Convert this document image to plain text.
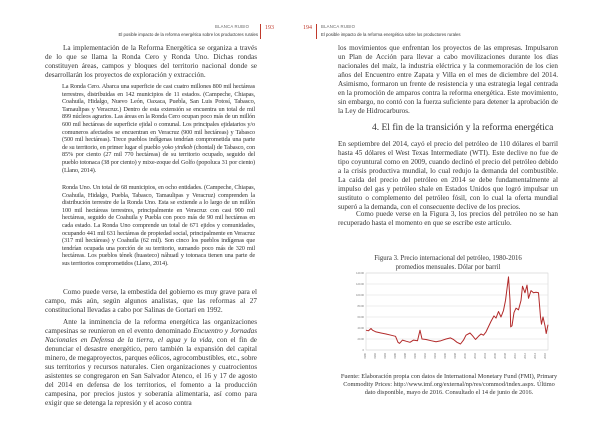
BLANCA RUBIO
El posible impacto de la reforma energética sobre los productores rurales
193

La implementación de la Reforma Energética se organiza a través de lo que se llama la Ronda Cero y Ronda Uno. Dichas rondas constituyen áreas, campos y bloques del territorio nacional donde se desarrollarán los proyectos de exploración y extracción.

La Ronda Cero. Abarca una superficie de casi cuatro millones 800 mil hectáreas terrestres, distribuidas en 142 municipios de 11 estados. (Campeche, Chiapas, Coahuila, Hidalgo, Nuevo León, Oaxaca, Puebla, San Luis Potosí, Tabasco, Tamaulipas y Veracruz.) Dentro de esta extensión se encuentra un total de mil 899 núcleos agrarios. Las áreas en la Ronda Cero ocupan poco más de un millón 600 mil hectáreas de superficie ejidal o comunal. Los principales ejidatarios y/o comuneros afectados se encuentran en Veracruz (900 mil hectáreas) y Tabasco (500 mil hectáreas). Trece pueblos indígenas tendrían comprometida una parte de su territorio, en primer lugar el pueblo yoko yinikob (chontal) de Tabasco, con 85% por ciento (27 mil 770 hectáreas) de su territorio ocupado, seguido del pueblo totonaca (38 por ciento) y mixe-zoque del Golfo (popoluca 31 por ciento) (Llano, 2014).

Ronda Uno. Un total de 68 municipios, en ocho entidades. (Campeche, Chiapas, Coahuila, Hidalgo, Puebla, Tabasco, Tamaulipas y Veracruz) comprenden la distribución terrestre de la Ronda Uno. Esta se extiende a lo largo de un millón 100 mil hectáreas terrestres, principalmente en Veracruz con casi 900 mil hectáreas, seguido de Coahuila y Puebla con poco más de 90 mil hectáreas en cada estado. La Ronda Uno comprende un total de 671 ejidos y comunidades, ocupando 441 mil 631 hectáreas de propiedad social, principalmente en Veracruz (317 mil hectáreas) y Coahuila (62 mil). Son cinco los pueblos indígenas que tendrían ocupada una porción de su territorio, sumando poco más de 320 mil hectáreas. Los pueblos tének (huasteco) náhuatl y totonaca tienen una parte de sus territorios comprometidos (Llano, 2014).

Como puede verse, la embestida del gobierno es muy grave para el campo, más aún, según algunos analistas, que las reformas al 27 constitucional llevadas a cabo por Salinas de Gortari en 1992.

Ante la inminencia de la reforma energética las organizaciones campesinas se reunieron en el evento denominado Encuentro y Jornadas Nacionales en Defensa de la tierra, el agua y la vida, con el fin de denunciar el desastre energético, pero también la expansión del capital minero, de megaproyectos, parques eólicos, agrocombustibles, etc., sobre sus territorios y recursos naturales. Cien organizaciones y cuatrocientos asistentes se congregaron en San Salvador Atenco, el 16 y 17 de agosto del 2014 en defensa de los territorios, el fomento a la producción campesina, por precios justos y soberanía alimentaria, así como para exigir que se detenga la represión y el acoso contra

194 BLANCA RUBIO
El posible impacto de la reforma energética sobre los productores rurales

los movimientos que enfrentan los proyectos de las empresas. Impulsaron un Plan de Acción para llevar a cabo movilizaciones durante los días nacionales del maíz, la industria eléctrica y la conmemoración de los cien años del Encuentro entre Zapata y Villa en el mes de diciembre del 2014. Asimismo, formaron un frente de resistencia y una estrategia legal centrada en la promoción de amparos contra la reforma energética. Este movimiento, sin embargo, no contó con la fuerza suficiente para detener la aprobación de la Ley de Hidrocarburos.

4. El fin de la transición y la reforma energética

En septiembre del 2014, cayó el precio del petróleo de 110 dólares el barril hasta 45 dólares el West Texas Intermediate (WTI). Este declive no fue de tipo coyuntural como en 2009, cuando declinó el precio del petróleo debido a la crisis productiva mundial, lo cual redujo la demanda del combustible. La caída del precio del petróleo en 2014 se debe fundamentalmente al impulso del gas y petróleo shale en Estados Unidos que logró impulsar un sustituto o complemento del petróleo fósil, con lo cual la oferta mundial superó a la demanda, con el consecuente declive de los precios.

Como puede verse en la Figura 3, los precios del petróleo no se han recuperado hasta el momento en que se escribe este artículo.

Figura 3. Precio internacional del petróleo, 1980-2016
promedios mensuales. Dólar por barril
0
20.00
40.00
60.00
80.00
100.00
120.00
140.00
1980	1982	1984	1986	1988	1990	1992	1994	1996	1998	2000	2002	2004	2006	2008	2010	2012	2014	2016

Fuente: Elaboración propia con datos de International Monetary Fund (FMI), Primary Commodity Prices: http://www.imf.org/external/np/res/commod/index.aspx. Último dato disponible, mayo de 2016. Consultado el 14 de junio de 2016.
